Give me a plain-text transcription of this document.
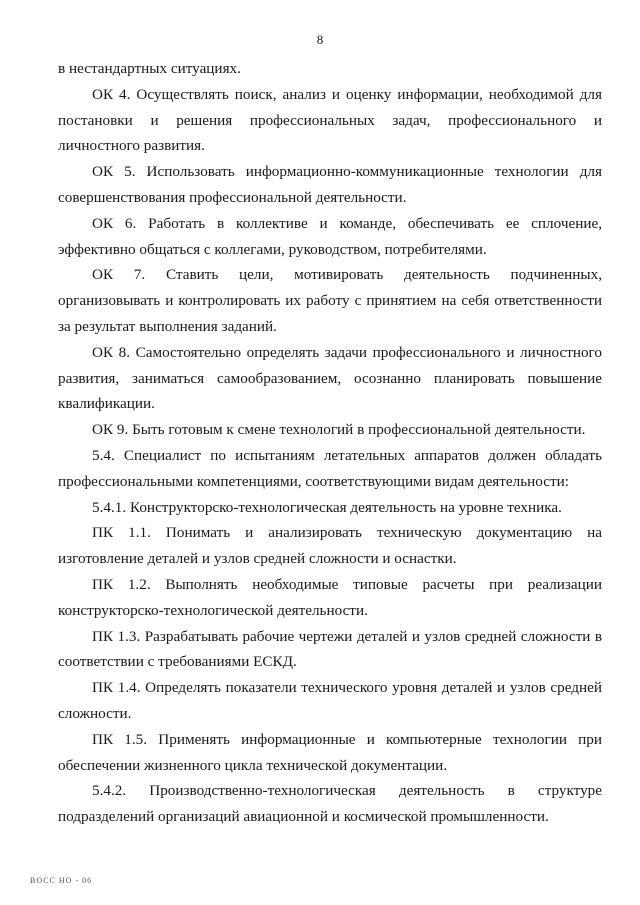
8

в нестандартных ситуациях.

ОК 4. Осуществлять поиск, анализ и оценку информации, необходимой для постановки и решения профессиональных задач, профессионального и личностного развития.

ОК 5. Использовать информационно-коммуникационные технологии для совершенствования профессиональной деятельности.

ОК 6. Работать в коллективе и команде, обеспечивать ее сплочение, эффективно общаться с коллегами, руководством, потребителями.

ОК 7. Ставить цели, мотивировать деятельность подчиненных, организовывать и контролировать их работу с принятием на себя ответственности за результат выполнения заданий.

ОК 8. Самостоятельно определять задачи профессионального и личностного развития, заниматься самообразованием, осознанно планировать повышение квалификации.

ОК 9. Быть готовым к смене технологий в профессиональной деятельности.

5.4. Специалист по испытаниям летательных аппаратов должен обладать профессиональными компетенциями, соответствующими видам деятельности:

5.4.1. Конструкторско-технологическая деятельность на уровне техника.

ПК 1.1. Понимать и анализировать техническую документацию на изготовление деталей и узлов средней сложности и оснастки.

ПК 1.2. Выполнять необходимые типовые расчеты при реализации конструкторско-технологической деятельности.

ПК 1.3. Разрабатывать рабочие чертежи деталей и узлов средней сложности в соответствии с требованиями ЕСКД.

ПК 1.4. Определять показатели технического уровня деталей и узлов средней сложности.

ПК 1.5. Применять информационные и компьютерные технологии при обеспечении жизненного цикла технической документации.

5.4.2. Производственно-технологическая деятельность в структуре подразделений организаций авиационной и космической промышленности.

ВОСС НО - 06
